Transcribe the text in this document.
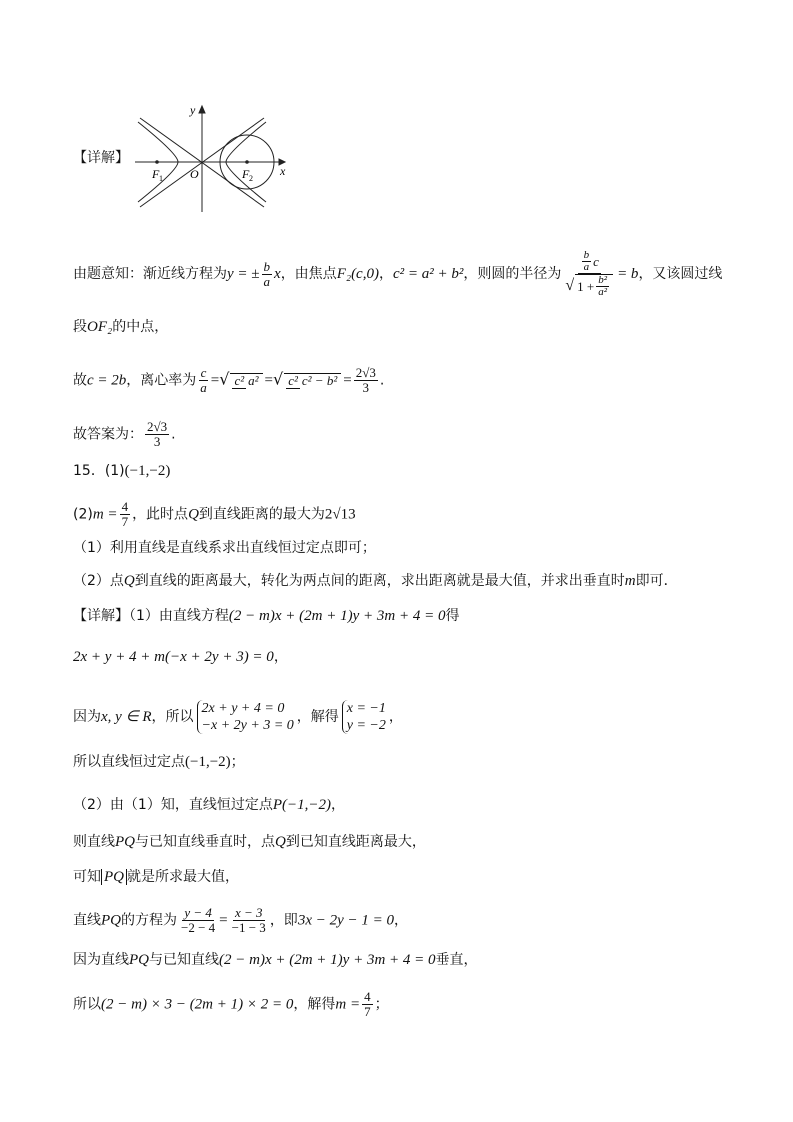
【详解】
y
x
O
F 1	F 2
由题意知：渐近线方程为y = ± $\frac{b}{a}$ x，由焦点F₂(c,0)，c² = a² + b²，则圆的半径为 $\frac{\frac{b}{a} c}{√ 1 + \frac{\text{b²}}{\text{a²}}} = b$，又该圆过线
段OF₂的中点，
故c = 2b，离心率为 $\frac{c}{a}$ =√ c² a² =√ c² $c^2 - b^2 = \frac{2√3}{3}$ .
故答案为： $\frac{2√3}{3}$ .
15．(1)(−1,−2)
$(2)m = \frac{4}{7}$ ，此时点Q到直线距离的最大为2√13
（1）利用直线是直线系求出直线恒过定点即可；
（2）点Q到直线的距离最大，转化为两点间的距离，求出距离就是最大值，并求出垂直时m即可．
【详解】（1）由直线方程(2 − m)x + (2m + 1)y + 3m + 4 = 0得
2x + y + 4 + m(−x + 2y + 3) = 0，
因为x, y ∈ R，所以
2x + y + 4 = 0
−x + 2y + 3 = 0
，解得
x = −1
y = −2
，
所以直线恒过定点(−1,−2)；
（2）由（1）知，直线恒过定点P(−1,−2)，
则直线PQ与已知直线垂直时，点Q到已知直线距离最大，
可知 PQ 就是所求最大值，
直线PQ的方程为 $\frac{y - 4}{-2 - 4} = \frac{x - 3}{-1 - 3}$ ，即3x − 2y − 1 = 0，
因为直线PQ与已知直线(2 − m)x + (2m + 1)y + 3m + 4 = 0垂直，
所以(2 − m) × 3 − (2m + 1) × 2 = 0，解得$m = \frac{4}{7}$ ；
